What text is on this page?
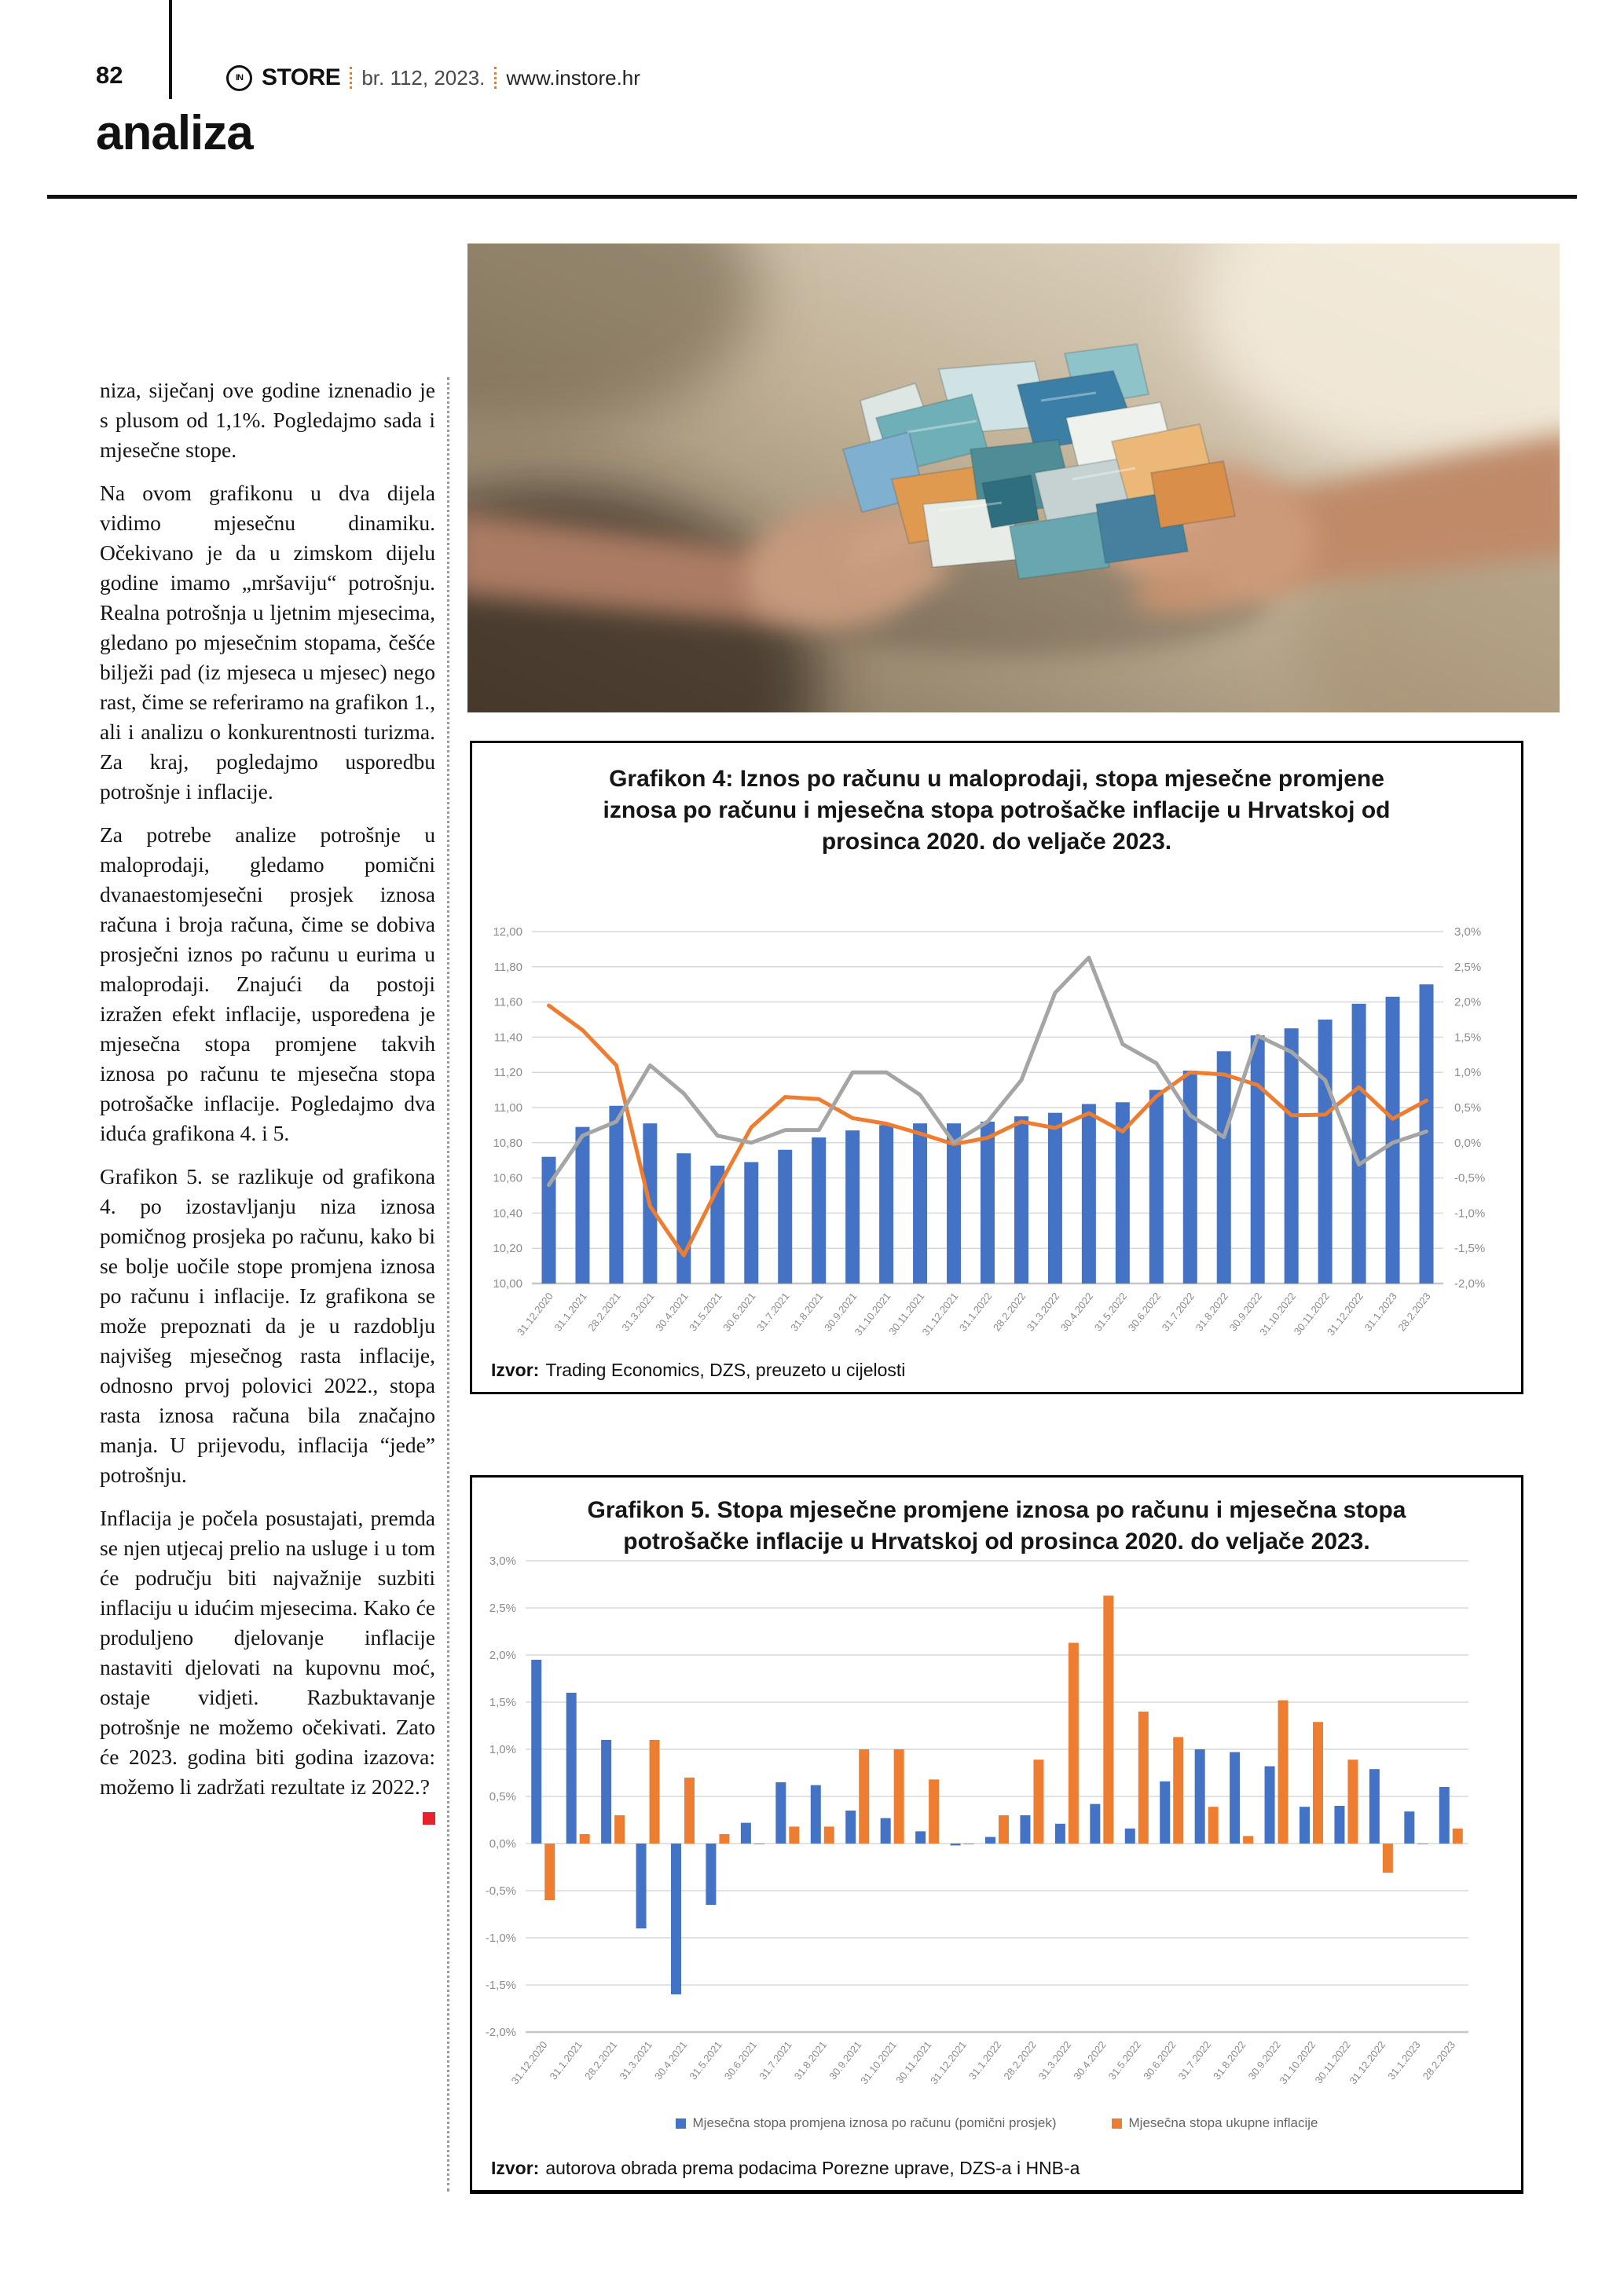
82	IN STORE br. 112, 2023. www.instore.hr
analiza

niza, siječanj ove godine iznenadio je s plusom od 1,1%. Pogledajmo sada i mjesečne stope.

Na ovom grafikonu u dva dijela vidimo mjesečnu dinamiku. Očekivano je da u zimskom dijelu godine imamo „mršaviju“ potrošnju. Realna potrošnja u ljetnim mjesecima, gledano po mjesečnim stopama, češće bilježi pad (iz mjeseca u mjesec) nego rast, čime se referiramo na grafikon 1., ali i analizu o konkurentnosti turizma. Za kraj, pogledajmo usporedbu potrošnje i inflacije.

Za potrebe analize potrošnje u maloprodaji, gledamo pomični dvanaestomjesečni prosjek iznosa računa i broja računa, čime se dobiva prosječni iznos po računu u eurima u maloprodaji. Znajući da postoji izražen efekt inflacije, uspoređena je mjesečna stopa promjene takvih iznosa po računu te mjesečna stopa potrošačke inflacije. Pogledajmo dva iduća grafikona 4. i 5.

Grafikon 5. se razlikuje od grafikona 4. po izostavljanju niza iznosa pomičnog prosjeka po računu, kako bi se bolje uočile stope promjena iznosa po računu i inflacije. Iz grafikona se može prepoznati da je u razdoblju najvišeg mjesečnog rasta inflacije, odnosno prvoj polovici 2022., stopa rasta iznosa računa bila značajno manja. U prijevodu, inflacija “jede” potrošnju.

Inflacija je počela posustajati, premda se njen utjecaj prelio na usluge i u tom će području biti najvažnije suzbiti inflaciju u idućim mjesecima. Kako će produljeno djelovanje inflacije nastaviti djelovati na kupovnu moć, ostaje vidjeti. Razbuktavanje potrošnje ne možemo očekivati. Zato će 2023. godina biti godina izazova: možemo li zadržati rezultate iz 2022.?

Grafikon 4: Iznos po računu u maloprodaji, stopa mjesečne promjene iznosa po računu i mjesečna stopa potrošačke inflacije u Hrvatskoj od prosinca 2020. do veljače 2023.
12,00	3,0%
11,80	2,5%
11,60	2,0%
11,40	1,5%
11,20	1,0%
11,00	0,5%
10,80	0,0%
10,60	-0,5%
10,40	-1,0%
10,20	-1,5%
10,00	-2,0%
31.12.2020
31.1.2021
28.2.2021
31.3.2021
30.4.2021
31.5.2021
30.6.2021
31.7.2021
31.8.2021
30.9.2021
31.10.2021
30.11.2021
31.12.2021
31.1.2022
28.2.2022
31.3.2022
30.4.2022
31.5.2022
30.6.2022
31.7.2022
31.8.2022
30.9.2022
31.10.2022
30.11.2022
31.12.2022
31.1.2023
28.2.2023
Izvor: Trading Economics, DZS, preuzeto u cijelosti
Grafikon 5. Stopa mjesečne promjene iznosa po računu i mjesečna stopa potrošačke inflacije u Hrvatskoj od prosinca 2020. do veljače 2023.
3,0%
2,5%
2,0%
1,5%
1,0%
0,5%
0,0%
-0,5%
-1,0%
-1,5%
-2,0%
31.12.2020
31.1.2021
28.2.2021
31.3.2021
30.4.2021
31.5.2021
30.6.2021
31.7.2021
31.8.2021
30.9.2021
31.10.2021
30.11.2021
31.12.2021
31.1.2022
28.2.2022
31.3.2022
30.4.2022
31.5.2022
30.6.2022
31.7.2022
31.8.2022
30.9.2022
31.10.2022
30.11.2022
31.12.2022
31.1.2023
28.2.2023
Mjesečna stopa promjena iznosa po računu (pomični prosjek)	Mjesečna stopa ukupne inflacije
Izvor: autorova obrada prema podacima Porezne uprave, DZS-a i HNB-a
